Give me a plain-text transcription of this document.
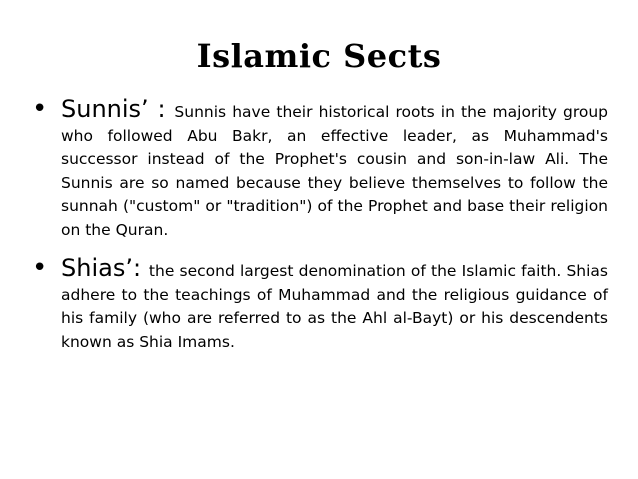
Islamic Sects
• Sunnis’ : Sunnis have their historical roots in the majority group who followed Abu Bakr, an effective leader, as Muhammad's successor instead of the Prophet's cousin and son-in-law Ali. The Sunnis are so named because they believe themselves to follow the sunnah ("custom" or "tradition") of the Prophet and base their religion on the Quran.
• Shias’: the second largest denomination of the Islamic faith. Shias adhere to the teachings of Muhammad and the religious guidance of his family (who are referred to as the Ahl al-Bayt) or his descendents known as Shia Imams.
